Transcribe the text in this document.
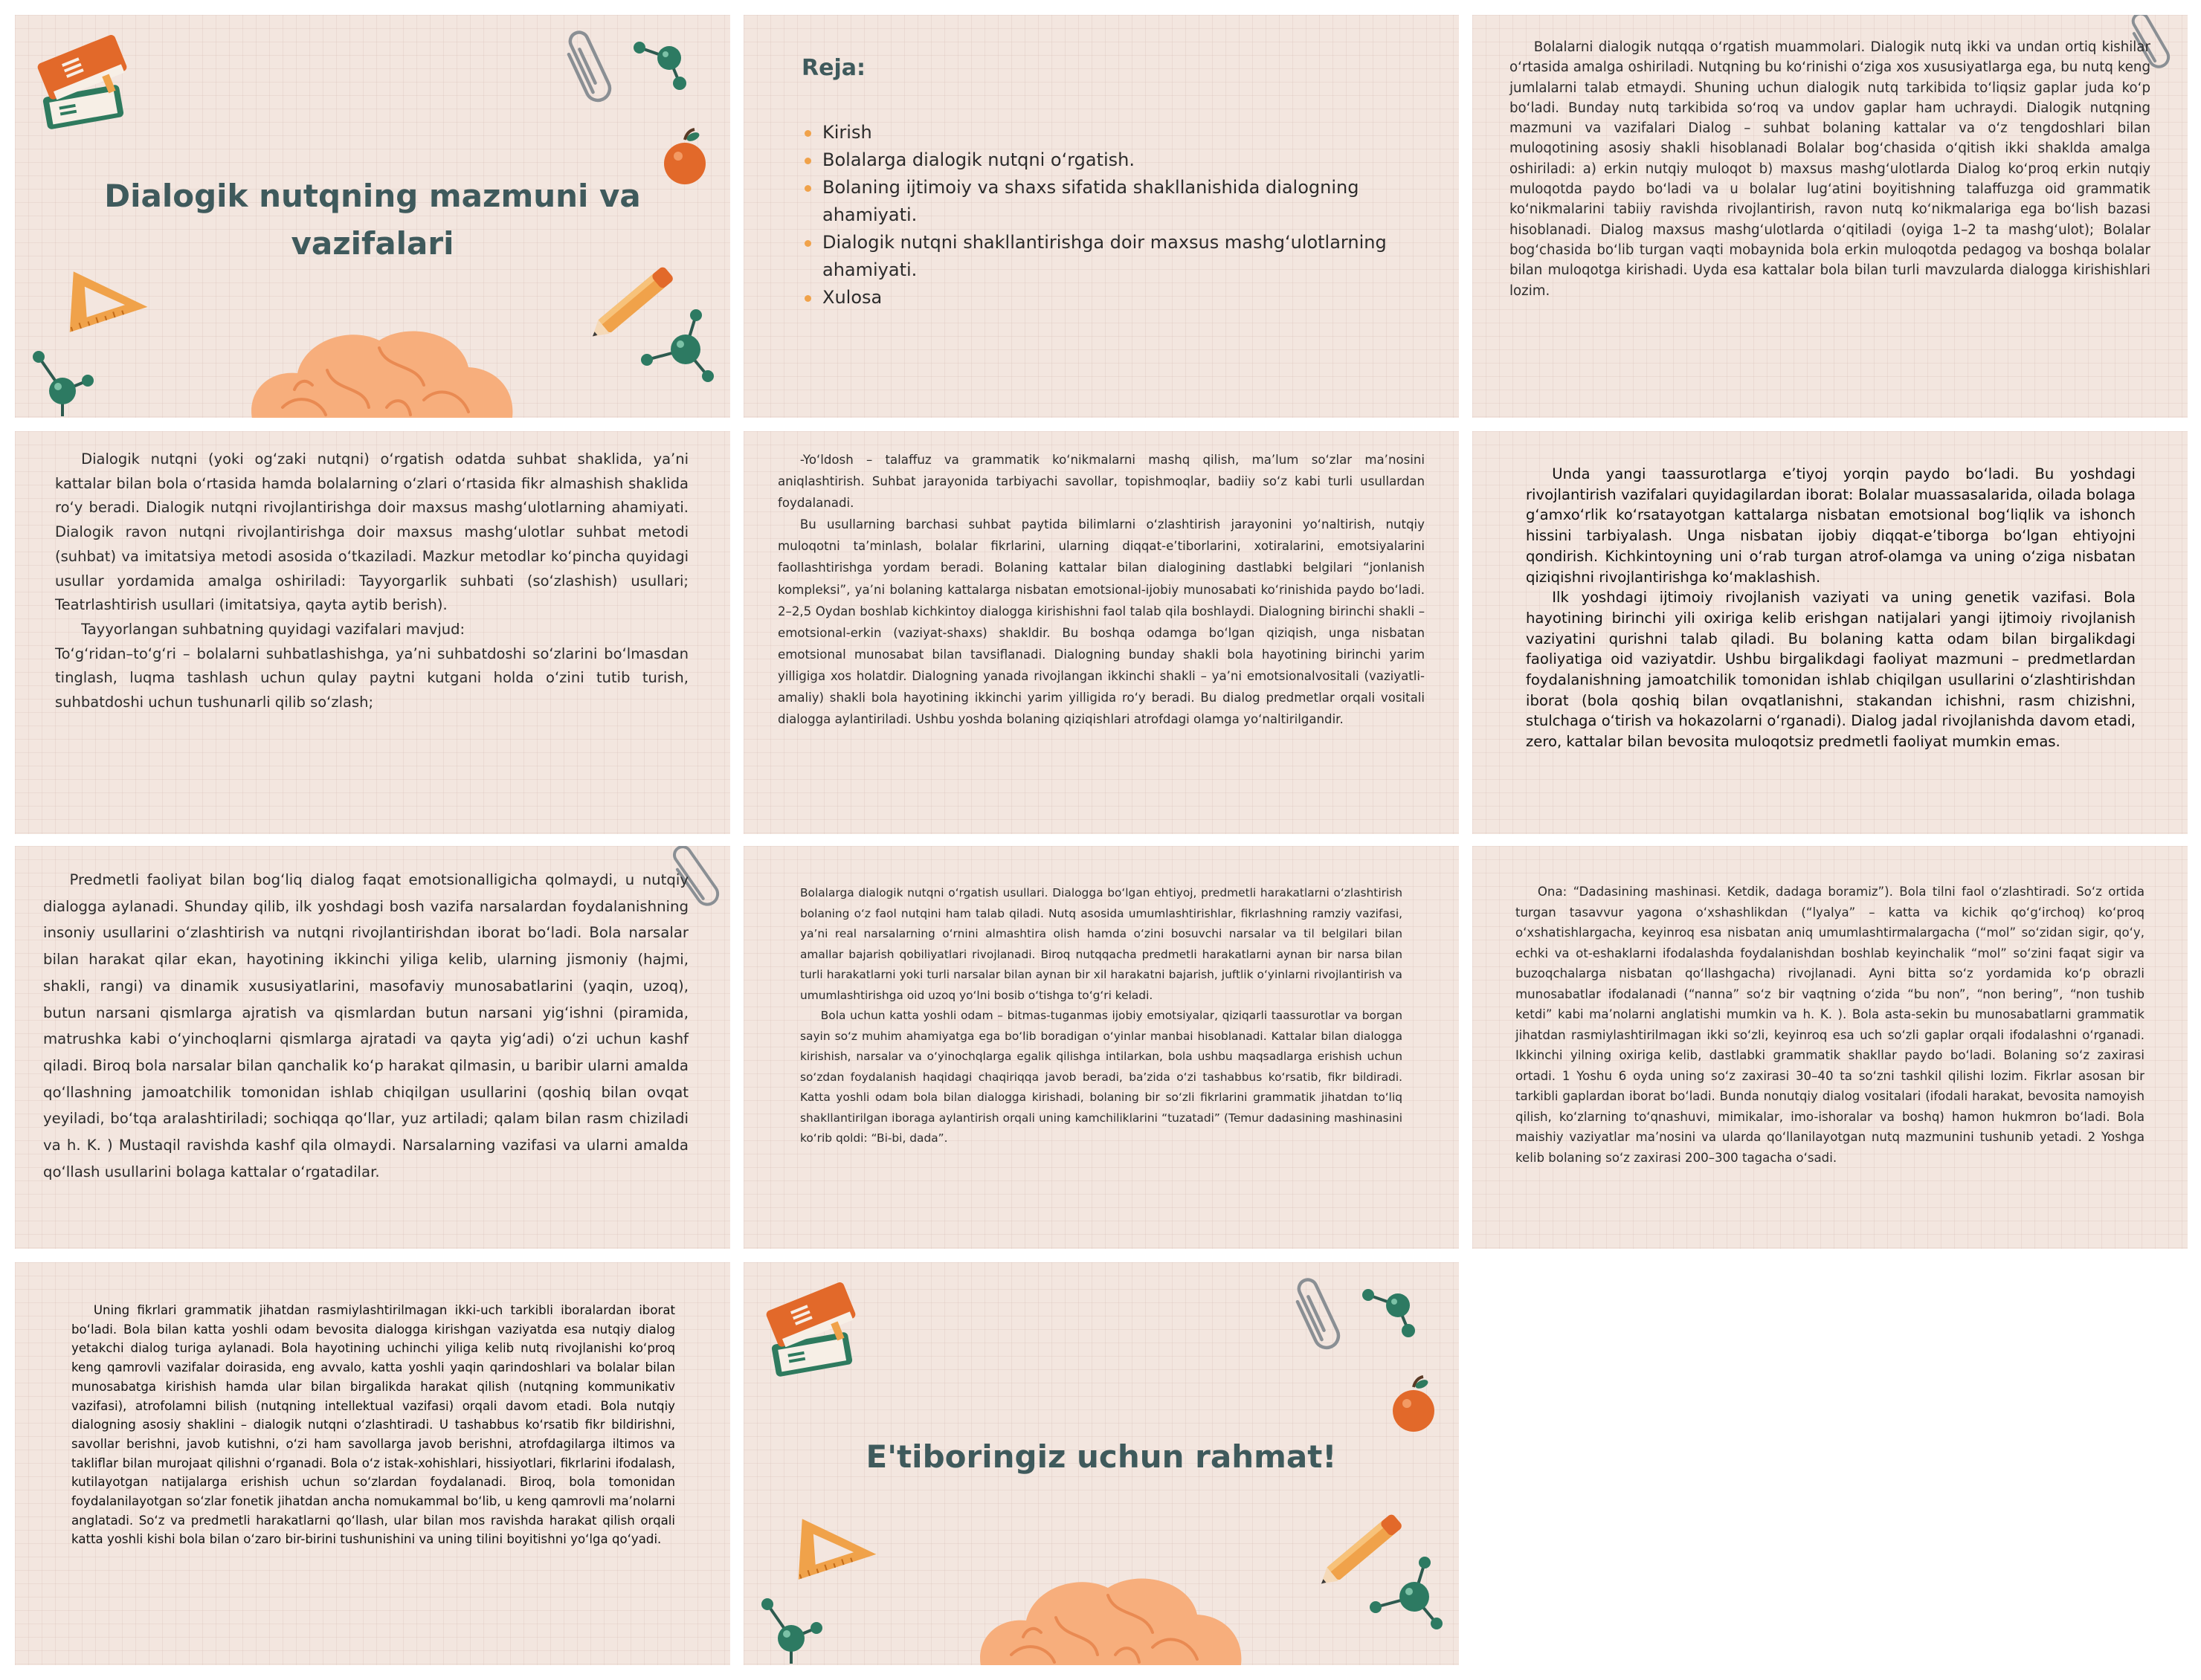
Dialogik nutqning mazmuni va vazifalari
Reja:
Kirish
Bolalarga dialogik nutqni o‘rgatish.
Bolaning ijtimoiy va shaxs sifatida shakllanishida dialogning ahamiyati.
Dialogik nutqni shakllantirishga doir maxsus mashg‘ulotlarning ahamiyati.
Xulosa

Bolalarni dialogik nutqqa o‘rgatish muammolari. Dialogik nutq ikki va undan ortiq kishilar o‘rtasida amalga oshiriladi. Nutqning bu ko‘rinishi o‘ziga xos xususiyatlarga ega, bu nutq keng jumlalarni talab etmaydi. Shuning uchun dialogik nutq tarkibida to‘liqsiz gaplar juda ko‘p bo‘ladi. Bunday nutq tarkibida so‘roq va undov gaplar ham uchraydi. Dialogik nutqning mazmuni va vazifalari Dialog – suhbat bolaning kattalar va o‘z tengdoshlari bilan muloqotining asosiy shakli hisoblanadi Bolalar bog‘chasida o‘qitish ikki shaklda amalga oshiriladi: a) erkin nutqiy muloqot b) maxsus mashg‘ulotlarda Dialog ko‘proq erkin nutqiy muloqotda paydo bo‘ladi va u bolalar lug‘atini boyitishning talaffuzga oid grammatik ko‘nikmalarini tabiiy ravishda rivojlantirish, ravon nutq ko‘nikmalariga ega bo‘lish bazasi hisoblanadi. Dialog maxsus mashg‘ulotlarda o‘qitiladi (oyiga 1–2 ta mashg‘ulot); Bolalar bog‘chasida bo‘lib turgan vaqti mobaynida bola erkin muloqotda pedagog va boshqa bolalar bilan muloqotga kirishadi. Uyda esa kattalar bola bilan turli mavzularda dialogga kirishishlari lozim.

Dialogik nutqni (yoki og‘zaki nutqni) o‘rgatish odatda suhbat shaklida, ya’ni kattalar bilan bola o‘rtasida hamda bolalarning o‘zlari o‘rtasida fikr almashish shaklida ro‘y beradi. Dialogik nutqni rivojlantirishga doir maxsus mashg‘ulotlarning ahamiyati. Dialogik ravon nutqni rivojlantirishga doir maxsus mashg‘ulotlar suhbat metodi (suhbat) va imitatsiya metodi asosida o‘tkaziladi. Mazkur metodlar ko‘pincha quyidagi usullar yordamida amalga oshiriladi: Tayyorgarlik suhbati (so‘zlashish) usullari; Teatrlashtirish usullari (imitatsiya, qayta aytib berish).

Tayyorlangan suhbatning quyidagi vazifalari mavjud:

To‘g‘ridan–to‘g‘ri – bolalarni suhbatlashishga, ya’ni suhbatdoshi so‘zlarini bo‘lmasdan tinglash, luqma tashlash uchun qulay paytni kutgani holda o‘zini tutib turish, suhbatdoshi uchun tushunarli qilib so‘zlash;

-Yo‘ldosh – talaffuz va grammatik ko‘nikmalarni mashq qilish, ma’lum so‘zlar ma’nosini aniqlashtirish. Suhbat jarayonida tarbiyachi savollar, topishmoqlar, badiiy so‘z kabi turli usullardan foydalanadi.

Bu usullarning barchasi suhbat paytida bilimlarni o‘zlashtirish jarayonini yo‘naltirish, nutqiy muloqotni ta’minlash, bolalar fikrlarini, ularning diqqat-e’tiborlarini, xotiralarini, emotsiyalarini faollashtirishga yordam beradi. Bolaning kattalar bilan dialogining dastlabki belgilari “jonlanish kompleksi”, ya’ni bolaning kattalarga nisbatan emotsional-ijobiy munosabati ko‘rinishida paydo bo‘ladi. 2–2,5 Oydan boshlab kichkintoy dialogga kirishishni faol talab qila boshlaydi. Dialogning birinchi shakli – emotsional-erkin (vaziyat-shaxs) shakldir. Bu boshqa odamga bo‘lgan qiziqish, unga nisbatan emotsional munosabat bilan tavsiflanadi. Dialogning bunday shakli bola hayotining birinchi yarim yilligiga xos holatdir. Dialogning yanada rivojlangan ikkinchi shakli – ya’ni emotsionalvositali (vaziyatli-amaliy) shakli bola hayotining ikkinchi yarim yilligida ro‘y beradi. Bu dialog predmetlar orqali vositali dialogga aylantiriladi. Ushbu yoshda bolaning qiziqishlari atrofdagi olamga yo‘naltirilgandir.

Unda yangi taassurotlarga e’tiyoj yorqin paydo bo‘ladi. Bu yoshdagi rivojlantirish vazifalari quyidagilardan iborat: Bolalar muassasalarida, oilada bolaga g‘amxo‘rlik ko‘rsatayotgan kattalarga nisbatan emotsional bog‘liqlik va ishonch hissini tarbiyalash. Unga nisbatan ijobiy diqqat-e’tiborga bo‘lgan ehtiyojni qondirish. Kichkintoyning uni o‘rab turgan atrof-olamga va uning o‘ziga nisbatan qiziqishni rivojlantirishga ko‘maklashish.

Ilk yoshdagi ijtimoiy rivojlanish vaziyati va uning genetik vazifasi. Bola hayotining birinchi yili oxiriga kelib erishgan natijalari yangi ijtimoiy rivojlanish vaziyatini qurishni talab qiladi. Bu bolaning katta odam bilan birgalikdagi faoliyatiga oid vaziyatdir. Ushbu birgalikdagi faoliyat mazmuni – predmetlardan foydalanishning jamoatchilik tomonidan ishlab chiqilgan usullarini o‘zlashtirishdan iborat (bola qoshiq bilan ovqatlanishni, stakandan ichishni, rasm chizishni, stulchaga o‘tirish va hokazolarni o‘rganadi). Dialog jadal rivojlanishda davom etadi, zero, kattalar bilan bevosita muloqotsiz predmetli faoliyat mumkin emas.

Predmetli faoliyat bilan bog‘liq dialog faqat emotsionalligicha qolmaydi, u nutqiy dialogga aylanadi. Shunday qilib, ilk yoshdagi bosh vazifa narsalardan foydalanishning insoniy usullarini o‘zlashtirish va nutqni rivojlantirishdan iborat bo‘ladi. Bola narsalar bilan harakat qilar ekan, hayotining ikkinchi yiliga kelib, ularning jismoniy (hajmi, shakli, rangi) va dinamik xususiyatlarini, masofaviy munosabatlarini (yaqin, uzoq), butun narsani qismlarga ajratish va qismlardan butun narsani yig‘ishni (piramida, matrushka kabi o‘yinchoqlarni qismlarga ajratadi va qayta yig‘adi) o‘zi uchun kashf qiladi. Biroq bola narsalar bilan qanchalik ko‘p harakat qilmasin, u baribir ularni amalda qo‘llashning jamoatchilik tomonidan ishlab chiqilgan usullarini (qoshiq bilan ovqat yeyiladi, bo‘tqa aralashtiriladi; sochiqqa qo‘llar, yuz artiladi; qalam bilan rasm chiziladi va h. K. ) Mustaqil ravishda kashf qila olmaydi. Narsalarning vazifasi va ularni amalda qo‘llash usullarini bolaga kattalar o‘rgatadilar.

Bolalarga dialogik nutqni o‘rgatish usullari. Dialogga bo‘lgan ehtiyoj, predmetli harakatlarni o‘zlashtirish bolaning o‘z faol nutqini ham talab qiladi. Nutq asosida umumlashtirishlar, fikrlashning ramziy vazifasi, ya’ni real narsalarning o‘rnini almashtira olish hamda o‘zini bosuvchi narsalar va til belgilari bilan amallar bajarish qobiliyatlari rivojlanadi. Biroq nutqqacha predmetli harakatlarni aynan bir narsa bilan turli harakatlarni yoki turli narsalar bilan aynan bir xil harakatni bajarish, juftlik o‘yinlarni rivojlantirish va umumlashtirishga oid uzoq yo‘lni bosib o‘tishga to‘g‘ri keladi.

Bola uchun katta yoshli odam – bitmas-tuganmas ijobiy emotsiyalar, qiziqarli taassurotlar va borgan sayin so‘z muhim ahamiyatga ega bo‘lib boradigan o‘yinlar manbai hisoblanadi. Kattalar bilan dialogga kirishish, narsalar va o‘yinochqlarga egalik qilishga intilarkan, bola ushbu maqsadlarga erishish uchun so‘zdan foydalanish haqidagi chaqiriqqa javob beradi, ba’zida o‘zi tashabbus ko‘rsatib, fikr bildiradi. Katta yoshli odam bola bilan dialogga kirishadi, bolaning bir so‘zli fikrlarini grammatik jihatdan to‘liq shakllantirilgan iboraga aylantirish orqali uning kamchiliklarini “tuzatadi” (Temur dadasining mashinasini ko‘rib qoldi: “Bi-bi, dada”.

Ona: “Dadasining mashinasi. Ketdik, dadaga boramiz”). Bola tilni faol o‘zlashtiradi. So‘z ortida turgan tasavvur yagona o‘xshashlikdan (“lyalya” – katta va kichik qo‘g‘irchoq) ko‘proq o‘xshatishlargacha, keyinroq esa nisbatan aniq umumlashtirmalargacha (“mol” so‘zidan sigir, qo‘y, echki va ot-eshaklarni ifodalashda foydalanishdan boshlab keyinchalik “mol” so‘zini faqat sigir va buzoqchalarga nisbatan qo‘llashgacha) rivojlanadi. Ayni bitta so‘z yordamida ko‘p obrazli munosabatlar ifodalanadi (“nanna” so‘z bir vaqtning o‘zida “bu non”, “non bering”, “non tushib ketdi” kabi ma’nolarni anglatishi mumkin va h. K. ). Bola asta-sekin bu munosabatlarni grammatik jihatdan rasmiylashtirilmagan ikki so‘zli, keyinroq esa uch so‘zli gaplar orqali ifodalashni o‘rganadi. Ikkinchi yilning oxiriga kelib, dastlabki grammatik shakllar paydo bo‘ladi. Bolaning so‘z zaxirasi ortadi. 1 Yoshu 6 oyda uning so‘z zaxirasi 30–40 ta so‘zni tashkil qilishi lozim. Fikrlar asosan bir tarkibli gaplardan iborat bo‘ladi. Bunda nonutqiy dialog vositalari (ifodali harakat, bevosita namoyish qilish, ko‘zlarning to‘qnashuvi, mimikalar, imo-ishoralar va boshq) hamon hukmron bo‘ladi. Bola maishiy vaziyatlar ma’nosini va ularda qo‘llanilayotgan nutq mazmunini tushunib yetadi. 2 Yoshga kelib bolaning so‘z zaxirasi 200–300 tagacha o‘sadi.

Uning fikrlari grammatik jihatdan rasmiylashtirilmagan ikki-uch tarkibli iboralardan iborat bo‘ladi. Bola bilan katta yoshli odam bevosita dialogga kirishgan vaziyatda esa nutqiy dialog yetakchi dialog turiga aylanadi. Bola hayotining uchinchi yiliga kelib nutq rivojlanishi ko‘proq keng qamrovli vazifalar doirasida, eng avvalo, katta yoshli yaqin qarindoshlari va bolalar bilan munosabatga kirishish hamda ular bilan birgalikda harakat qilish (nutqning kommunikativ vazifasi), atrofolamni bilish (nutqning intellektual vazifasi) orqali davom etadi. Bola nutqiy dialogning asosiy shaklini – dialogik nutqni o‘zlashtiradi. U tashabbus ko‘rsatib fikr bildirishni, savollar berishni, javob kutishni, o‘zi ham savollarga javob berishni, atrofdagilarga iltimos va takliflar bilan murojaat qilishni o‘rganadi. Bola o‘z istak-xohishlari, hissiyotlari, fikrlarini ifodalash, kutilayotgan natijalarga erishish uchun so‘zlardan foydalanadi. Biroq, bola tomonidan foydalanilayotgan so‘zlar fonetik jihatdan ancha nomukammal bo‘lib, u keng qamrovli ma’nolarni anglatadi. So‘z va predmetli harakatlarni qo‘llash, ular bilan mos ravishda harakat qilish orqali katta yoshli kishi bola bilan o‘zaro bir-birini tushunishini va uning tilini boyitishni yo‘lga qo‘yadi.

E'tiboringiz uchun rahmat!
